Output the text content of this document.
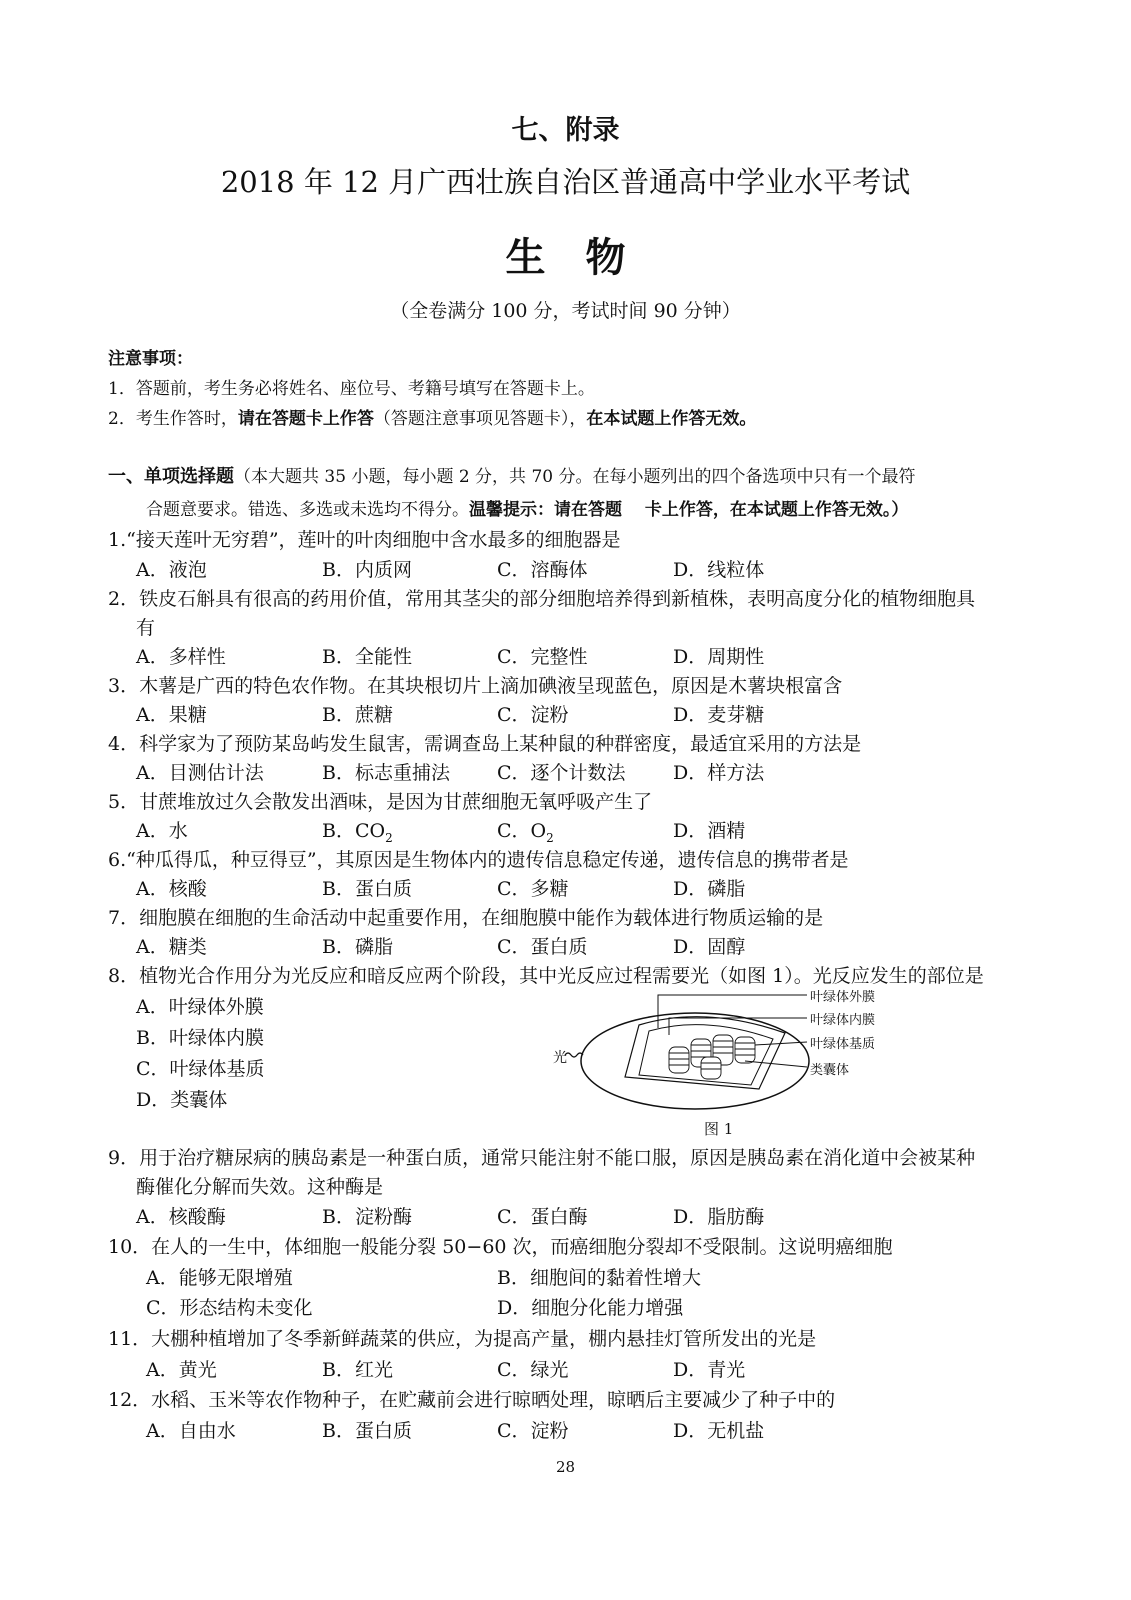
七、附录
2018 年 12 月广西壮族自治区普通高中学业水平考试
生物
（全卷满分 100 分，考试时间 90 分钟）
注意事项：
1．答题前，考生务必将姓名、座位号、考籍号填写在答题卡上。
2．考生作答时，请在答题卡上作答（答题注意事项见答题卡），在本试题上作答无效。
一、单项选择题（本大题共 35 小题，每小题 2 分，共 70 分。在每小题列出的四个备选项中只有一个最符
合题意要求。错选、多选或未选均不得分。温馨提示：请在答题　 卡上作答，在本试题上作答无效。）
1.“接天莲叶无穷碧”，莲叶的叶肉细胞中含水最多的细胞器是
A．液泡	B．内质网	C．溶酶体	D．线粒体
2．铁皮石斛具有很高的药用价值，常用其茎尖的部分细胞培养得到新植株，表明高度分化的植物细胞具
有
A．多样性	B．全能性	C．完整性	D．周期性
3．木薯是广西的特色农作物。在其块根切片上滴加碘液呈现蓝色，原因是木薯块根富含
A．果糖	B．蔗糖	C．淀粉	D．麦芽糖
4．科学家为了预防某岛屿发生鼠害，需调查岛上某种鼠的种群密度，最适宜采用的方法是
A．目测估计法	B．标志重捕法 C．逐个计数法 D．样方法
5．甘蔗堆放过久会散发出酒味，是因为甘蔗细胞无氧呼吸产生了
A．水	B．$CO_2$	C．$O_2$	D．酒精
6.“种瓜得瓜，种豆得豆”，其原因是生物体内的遗传信息稳定传递，遗传信息的携带者是
A．核酸	B．蛋白质	C．多糖	D．磷脂
7．细胞膜在细胞的生命活动中起重要作用，在细胞膜中能作为载体进行物质运输的是
A．糖类	B．磷脂	C．蛋白质	D．固醇
8．植物光合作用分为光反应和暗反应两个阶段，其中光反应过程需要光（如图 1）。光反应发生的部位是
A．叶绿体外膜
B．叶绿体内膜
C．叶绿体基质
D．类囊体
光
叶绿体外膜
叶绿体内膜
叶绿体基质
类囊体
图 1
9．用于治疗糖尿病的胰岛素是一种蛋白质，通常只能注射不能口服，原因是胰岛素在消化道中会被某种
酶催化分解而失效。这种酶是
A．核酸酶	B．淀粉酶	C．蛋白酶	D．脂肪酶
10．在人的一生中，体细胞一般能分裂 50−60 次，而癌细胞分裂却不受限制。这说明癌细胞
A．能够无限增殖	B．细胞间的黏着性增大
C．形态结构未变化	D．细胞分化能力增强
11．大棚种植增加了冬季新鲜蔬菜的供应，为提高产量，棚内悬挂灯管所发出的光是
A．黄光	B．红光	C．绿光	D．青光
12．水稻、玉米等农作物种子，在贮藏前会进行晾晒处理，晾晒后主要减少了种子中的
A．自由水	B．蛋白质	C．淀粉	D．无机盐
28
